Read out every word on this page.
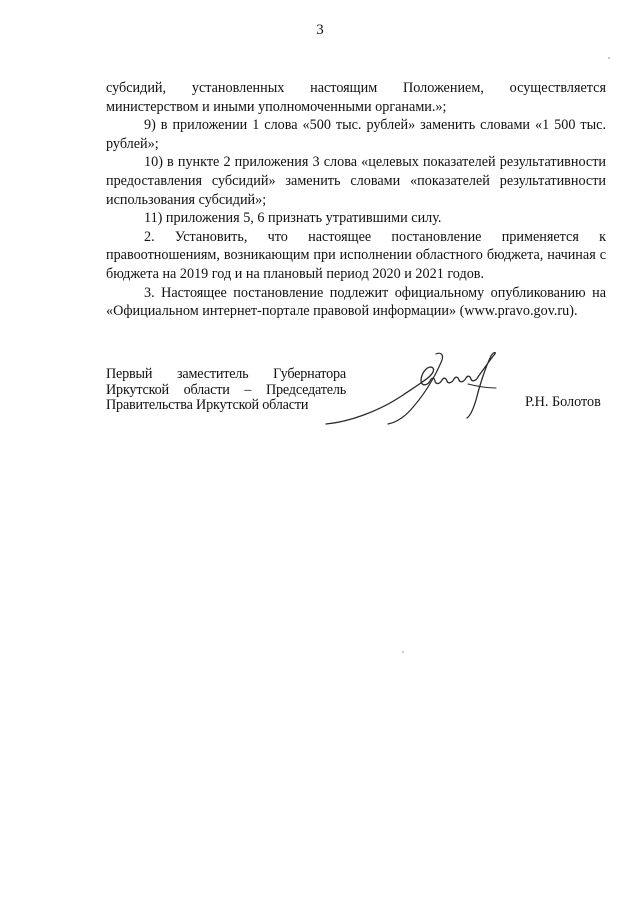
3

субсидий, установленных настоящим Положением, осуществляется министерством и иными уполномоченными органами.»;

9) в приложении 1 слова «500 тыс. рублей» заменить словами «1 500 тыс. рублей»;

10) в пункте 2 приложения 3 слова «целевых показателей результативности предоставления субсидий» заменить словами «показателей результативности использования субсидий»;

11) приложения 5, 6 признать утратившими силу.

2. Установить, что настоящее постановление применяется к правоотношениям, возникающим при исполнении областного бюджета, начиная с бюджета на 2019 год и на плановый период 2020 и 2021 годов.

3. Настоящее постановление подлежит официальному опубликованию на «Официальном интернет-портале правовой информации» (www.pravo.gov.ru).

Первый заместитель Губернатора
Иркутской области – Председатель
Правительства Иркутской области	Р.Н. Болотов
